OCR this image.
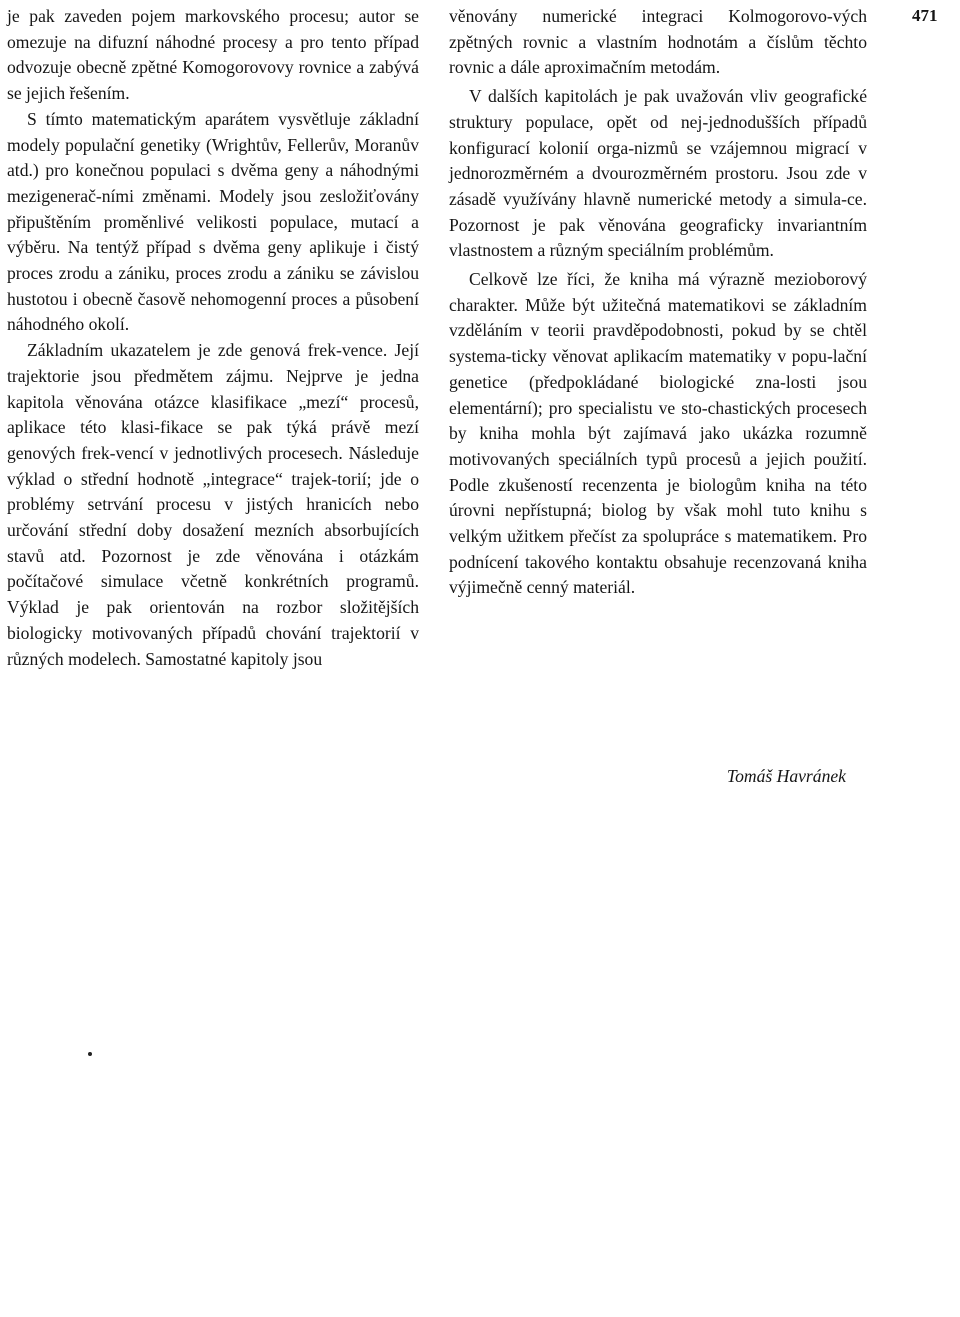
je pak zaveden pojem markovského procesu; autor se omezuje na difuzní náhodné procesy a pro tento případ odvozuje obecně zpětné Komogorovovy rovnice a zabývá se jejich řešením.

S tímto matematickým aparátem vysvětluje základní modely populační genetiky (Wrightův, Fellerův, Moranův atd.) pro konečnou populaci s dvěma geny a náhodnými mezigenerač-ními změnami. Modely jsou zesložiťovány připuštěním proměnlivé velikosti populace, mutací a výběru. Na tentýž případ s dvěma geny aplikuje i čistý proces zrodu a zániku, proces zrodu a zániku se závislou hustotou i obecně časově nehomogenní proces a působení náhodného okolí.

Základním ukazatelem je zde genová frek-vence. Její trajektorie jsou předmětem zájmu. Nejprve je jedna kapitola věnována otázce klasifikace „mezí“ procesů, aplikace této klasi-fikace se pak týká právě mezí genových frek-vencí v jednotlivých procesech. Následuje výklad o střední hodnotě „integrace“ trajek-torií; jde o problémy setrvání procesu v jistých hranicích nebo určování střední doby dosažení mezních absorbujících stavů atd. Pozornost je zde věnována i otázkám počítačové simulace včetně konkrétních programů. Výklad je pak orientován na rozbor složitějších biologicky motivovaných případů chování trajektorií v různých modelech. Samostatné kapitoly jsou

věnovány numerické integraci Kolmogorovo-vých zpětných rovnic a vlastním hodnotám a číslům těchto rovnic a dále aproximačním metodám.

V dalších kapitolách je pak uvažován vliv geografické struktury populace, opět od nej-jednodušších případů konfigurací kolonií orga-nizmů se vzájemnou migrací v jednorozměrném a dvourozměrném prostoru. Jsou zde v zásadě využívány hlavně numerické metody a simula-ce. Pozornost je pak věnována geograficky invariantním vlastnostem a různým speciálním problémům.

Celkově lze říci, že kniha má výrazně mezioborový charakter. Může být užitečná matematikovi se základním vzděláním v teorii pravděpodobnosti, pokud by se chtěl systema-ticky věnovat aplikacím matematiky v popu-lační genetice (předpokládané biologické zna-losti jsou elementární); pro specialistu ve sto-chastických procesech by kniha mohla být zajímavá jako ukázka rozumně motivovaných speciálních typů procesů a jejich použití. Podle zkušeností recenzenta je biologům kniha na této úrovni nepřístupná; biolog by však mohl tuto knihu s velkým užitkem přečíst za spolupráce s matematikem. Pro podnícení takového kontaktu obsahuje recenzovaná kniha výjimečně cenný materiál.

Tomáš Havránek
471
